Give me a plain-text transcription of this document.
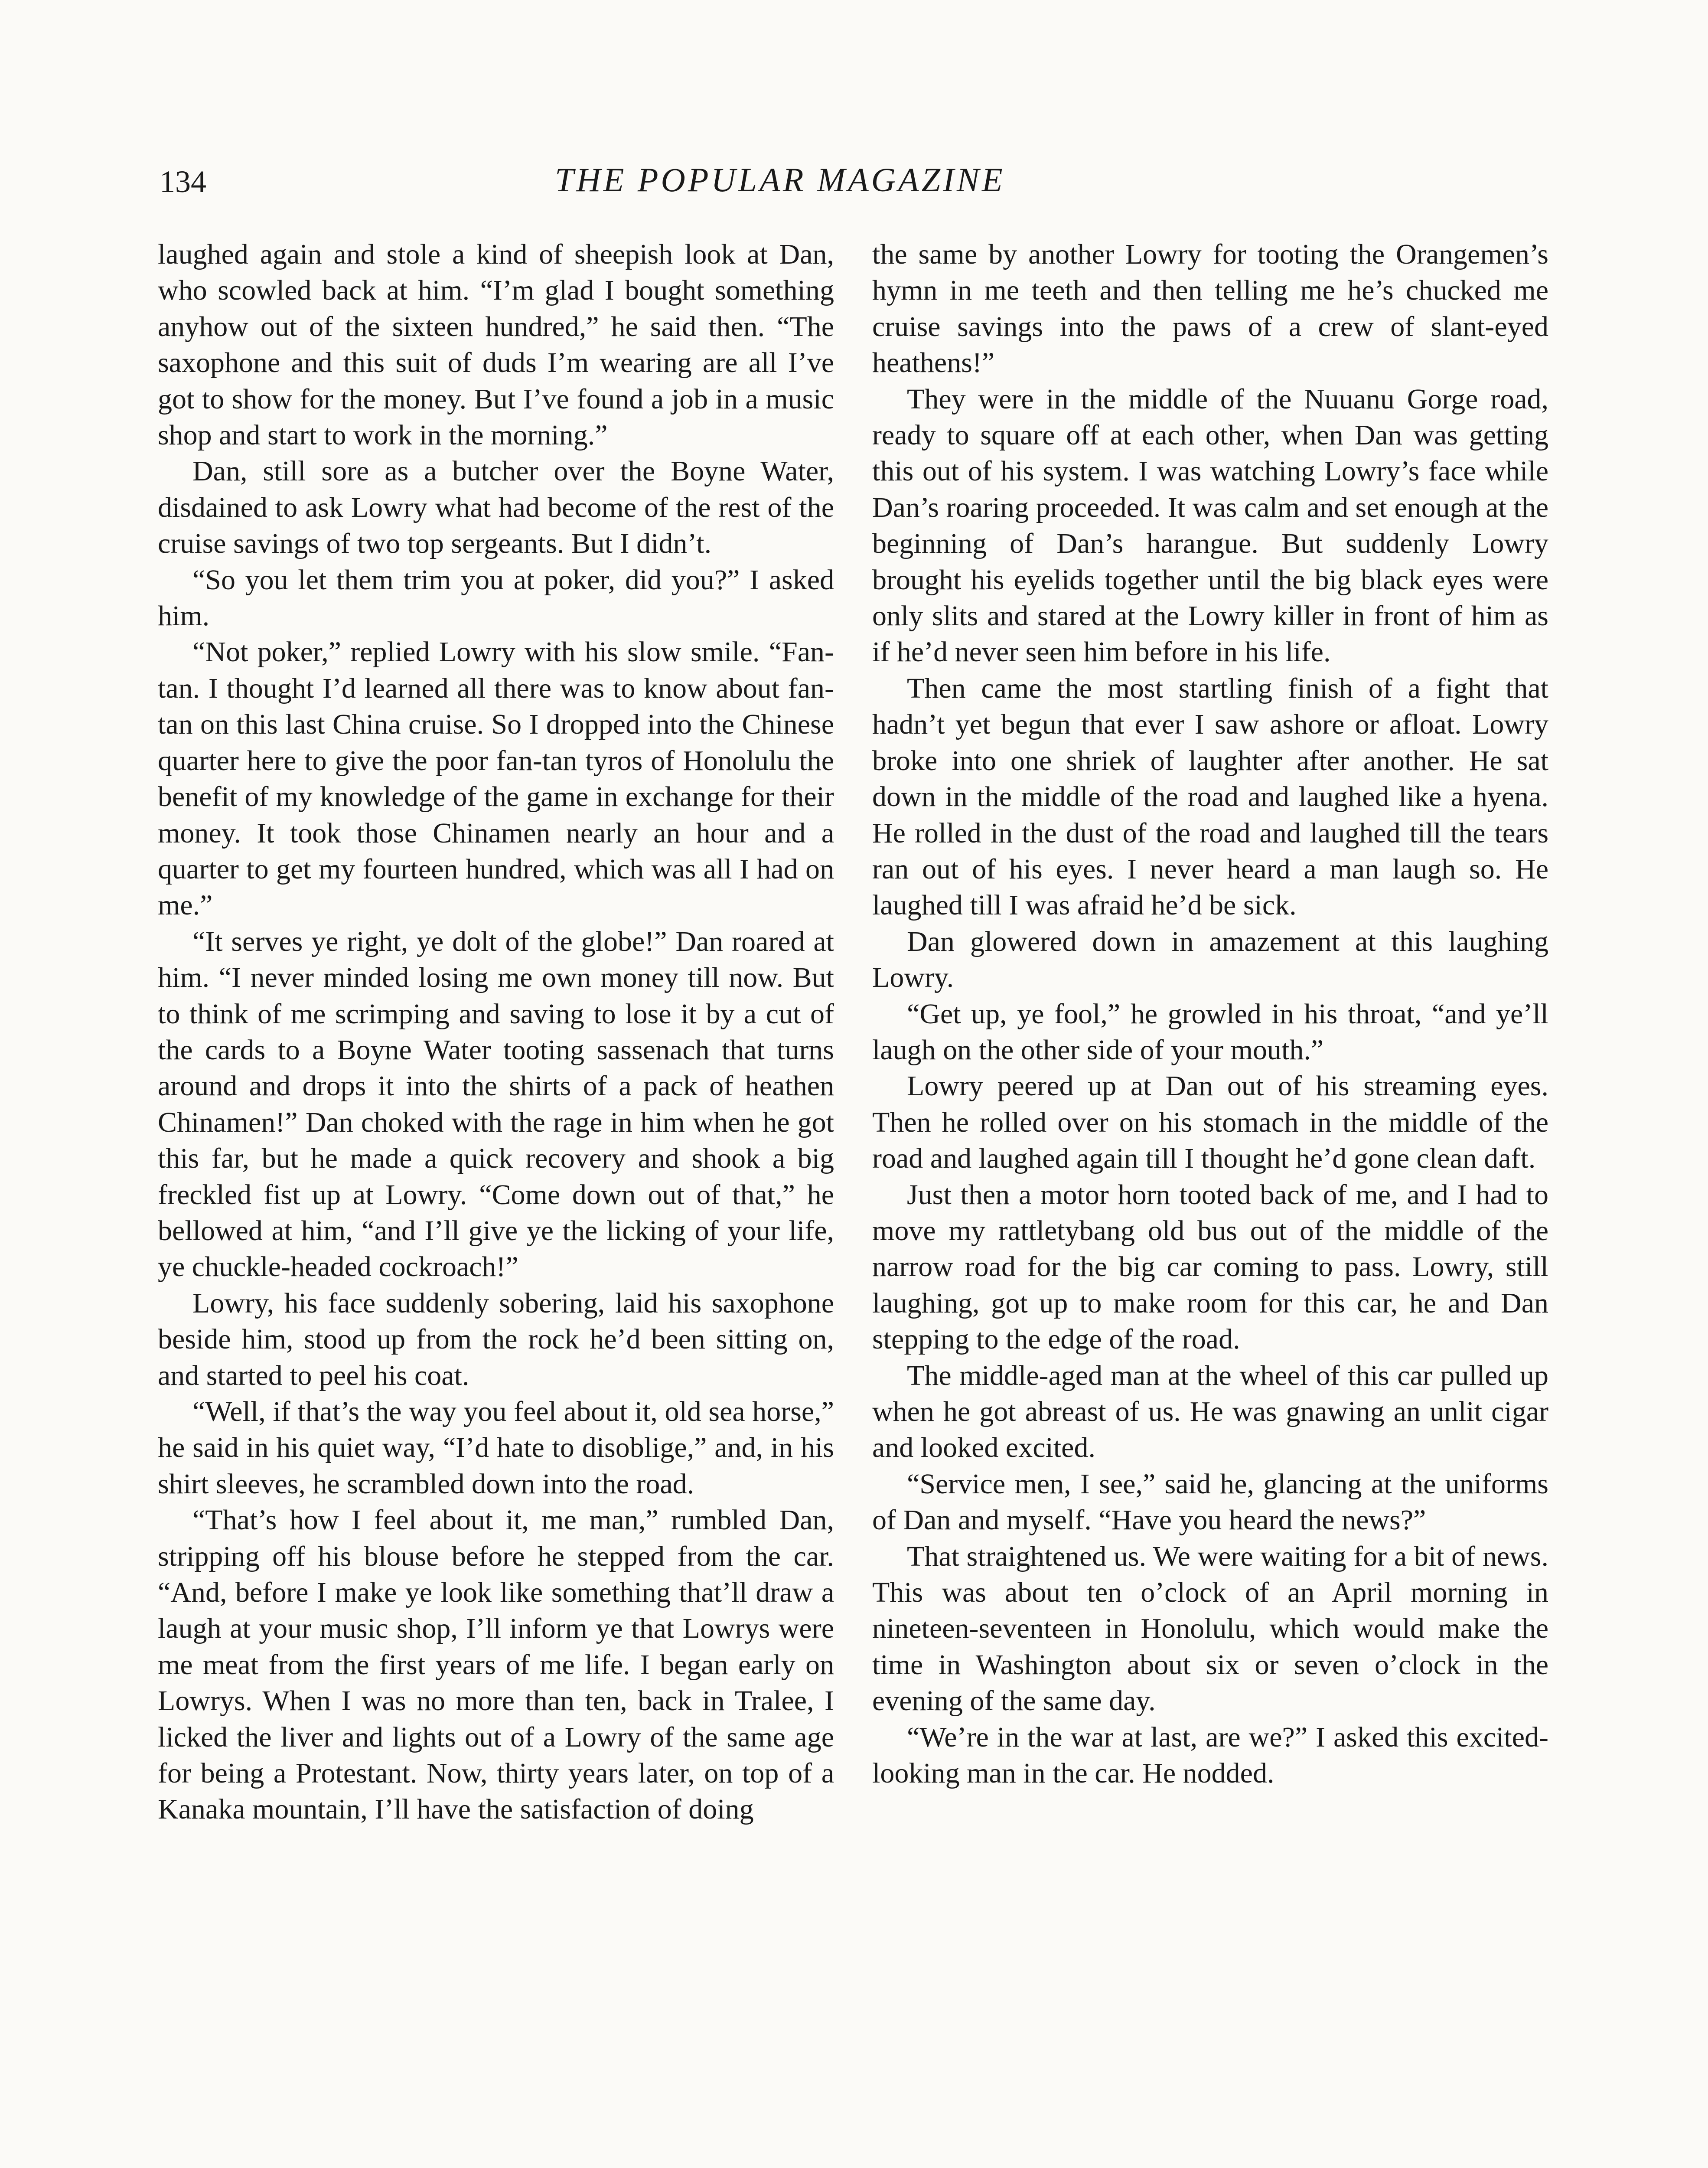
134	THE POPULAR MAGAZINE

laughed again and stole a kind of sheepish look at Dan, who scowled back at him. “I’m glad I bought something anyhow out of the sixteen hundred,” he said then. “The saxophone and this suit of duds I’m wearing are all I’ve got to show for the money. But I’ve found a job in a music shop and start to work in the morning.”

Dan, still sore as a butcher over the Boyne Water, disdained to ask Lowry what had become of the rest of the cruise savings of two top sergeants. But I didn’t.

“So you let them trim you at poker, did you?” I asked him.

“Not poker,” replied Lowry with his slow smile. “Fan-tan. I thought I’d learned all there was to know about fan-tan on this last China cruise. So I dropped into the Chinese quarter here to give the poor fan-tan tyros of Honolulu the benefit of my knowledge of the game in exchange for their money. It took those Chinamen nearly an hour and a quarter to get my fourteen hundred, which was all I had on me.”

“It serves ye right, ye dolt of the globe!” Dan roared at him. “I never minded losing me own money till now. But to think of me scrimping and saving to lose it by a cut of the cards to a Boyne Water tooting sassenach that turns around and drops it into the shirts of a pack of heathen Chinamen!” Dan choked with the rage in him when he got this far, but he made a quick recovery and shook a big freckled fist up at Lowry. “Come down out of that,” he bellowed at him, “and I’ll give ye the licking of your life, ye chuckle-headed cockroach!”

Lowry, his face suddenly sobering, laid his saxophone beside him, stood up from the rock he’d been sitting on, and started to peel his coat.

“Well, if that’s the way you feel about it, old sea horse,” he said in his quiet way, “I’d hate to disoblige,” and, in his shirt sleeves, he scrambled down into the road.

“That’s how I feel about it, me man,” rumbled Dan, stripping off his blouse before he stepped from the car. “And, before I make ye look like something that’ll draw a laugh at your music shop, I’ll inform ye that Lowrys were me meat from the first years of me life. I began early on Lowrys. When I was no more than ten, back in Tralee, I licked the liver and lights out of a Lowry of the same age for being a Protestant. Now, thirty years later, on top of a Kanaka mountain, I’ll have the satisfaction of doing

the same by another Lowry for tooting the Orangemen’s hymn in me teeth and then telling me he’s chucked me cruise savings into the paws of a crew of slant-eyed heathens!”

They were in the middle of the Nuuanu Gorge road, ready to square off at each other, when Dan was getting this out of his system. I was watching Lowry’s face while Dan’s roaring proceeded. It was calm and set enough at the beginning of Dan’s harangue. But suddenly Lowry brought his eyelids together until the big black eyes were only slits and stared at the Lowry killer in front of him as if he’d never seen him before in his life.

Then came the most startling finish of a fight that hadn’t yet begun that ever I saw ashore or afloat. Lowry broke into one shriek of laughter after another. He sat down in the middle of the road and laughed like a hyena. He rolled in the dust of the road and laughed till the tears ran out of his eyes. I never heard a man laugh so. He laughed till I was afraid he’d be sick.

Dan glowered down in amazement at this laughing Lowry.

“Get up, ye fool,” he growled in his throat, “and ye’ll laugh on the other side of your mouth.”

Lowry peered up at Dan out of his streaming eyes. Then he rolled over on his stomach in the middle of the road and laughed again till I thought he’d gone clean daft.

Just then a motor horn tooted back of me, and I had to move my rattletybang old bus out of the middle of the narrow road for the big car coming to pass. Lowry, still laughing, got up to make room for this car, he and Dan stepping to the edge of the road.

The middle-aged man at the wheel of this car pulled up when he got abreast of us. He was gnawing an unlit cigar and looked excited.

“Service men, I see,” said he, glancing at the uniforms of Dan and myself. “Have you heard the news?”

That straightened us. We were waiting for a bit of news. This was about ten o’clock of an April morning in nineteen-seventeen in Honolulu, which would make the time in Washington about six or seven o’clock in the evening of the same day.

“We’re in the war at last, are we?” I asked this excited-looking man in the car. He nodded.
